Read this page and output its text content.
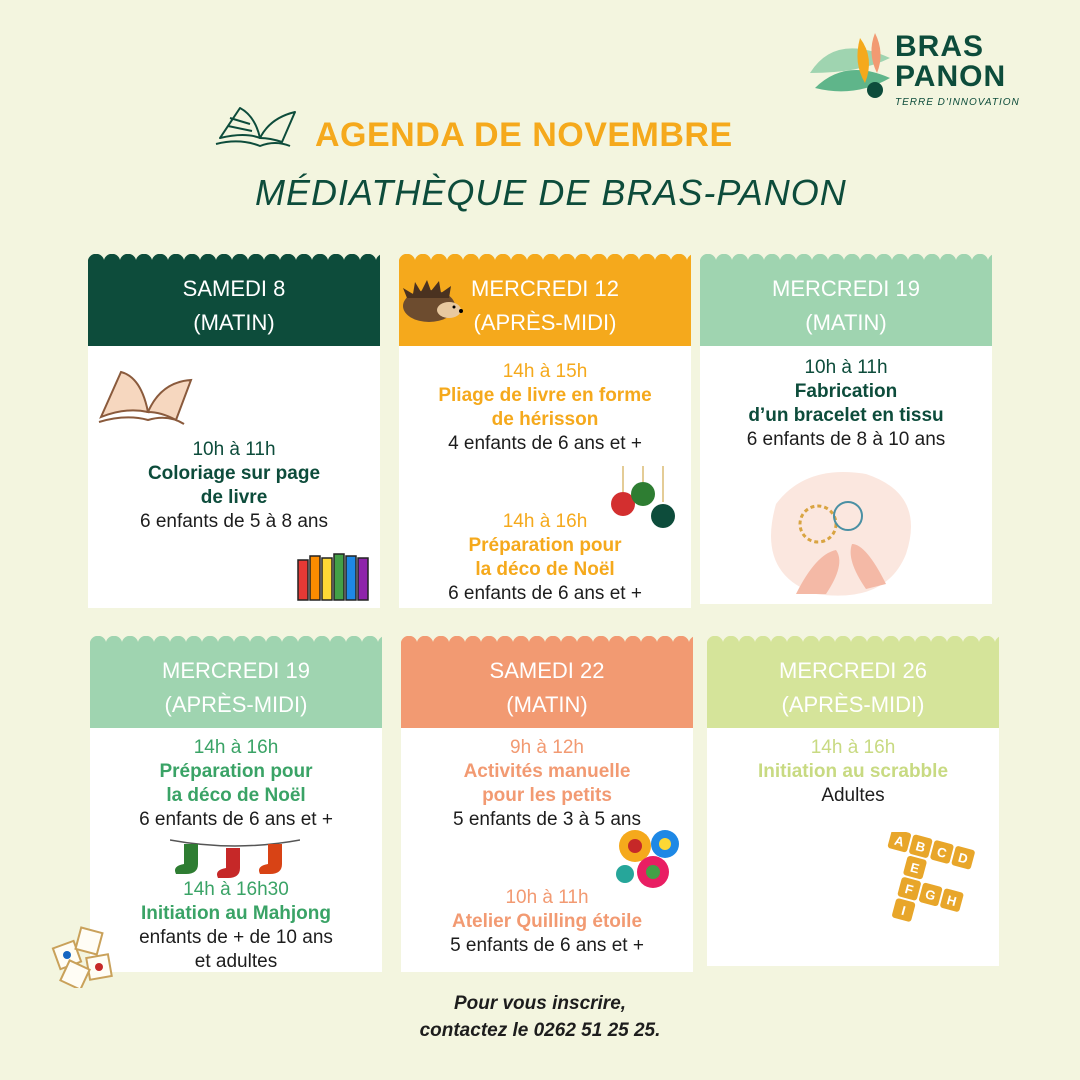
BRAS
PANON
TERRE D'INNOVATION
AGENDA DE NOVEMBRE
MÉDIATHÈQUE DE BRAS-PANON
SAMEDI 8
(MATIN)
10h à 11h
Coloriage sur page
de livre
6 enfants de 5 à 8 ans
MERCREDI 12
(APRÈS-MIDI)
14h à 15h
Pliage de livre en forme
de hérisson
4 enfants de 6 ans et +
14h à 16h
Préparation pour
la déco de Noël
6 enfants de 6 ans et +
MERCREDI 19
(MATIN)
10h à 11h
Fabrication
d’un bracelet en tissu
6 enfants de 8 à 10 ans
MERCREDI 19
(APRÈS-MIDI)
14h à 16h
Préparation pour
la déco de Noël
6 enfants de 6 ans et +
14h à 16h30
Initiation au Mahjong
enfants de + de 10 ans
et adultes
SAMEDI 22
(MATIN)
9h à 12h
Activités manuelle
pour les petits
5 enfants de 3 à 5 ans
10h à 11h
Atelier Quilling étoile
5 enfants de 6 ans et +
MERCREDI 26
(APRÈS-MIDI)
14h à 16h
Initiation au scrabble
Adultes
A B C D
E
F G H
I
Pour vous inscrire,
contactez le 0262 51 25 25.
